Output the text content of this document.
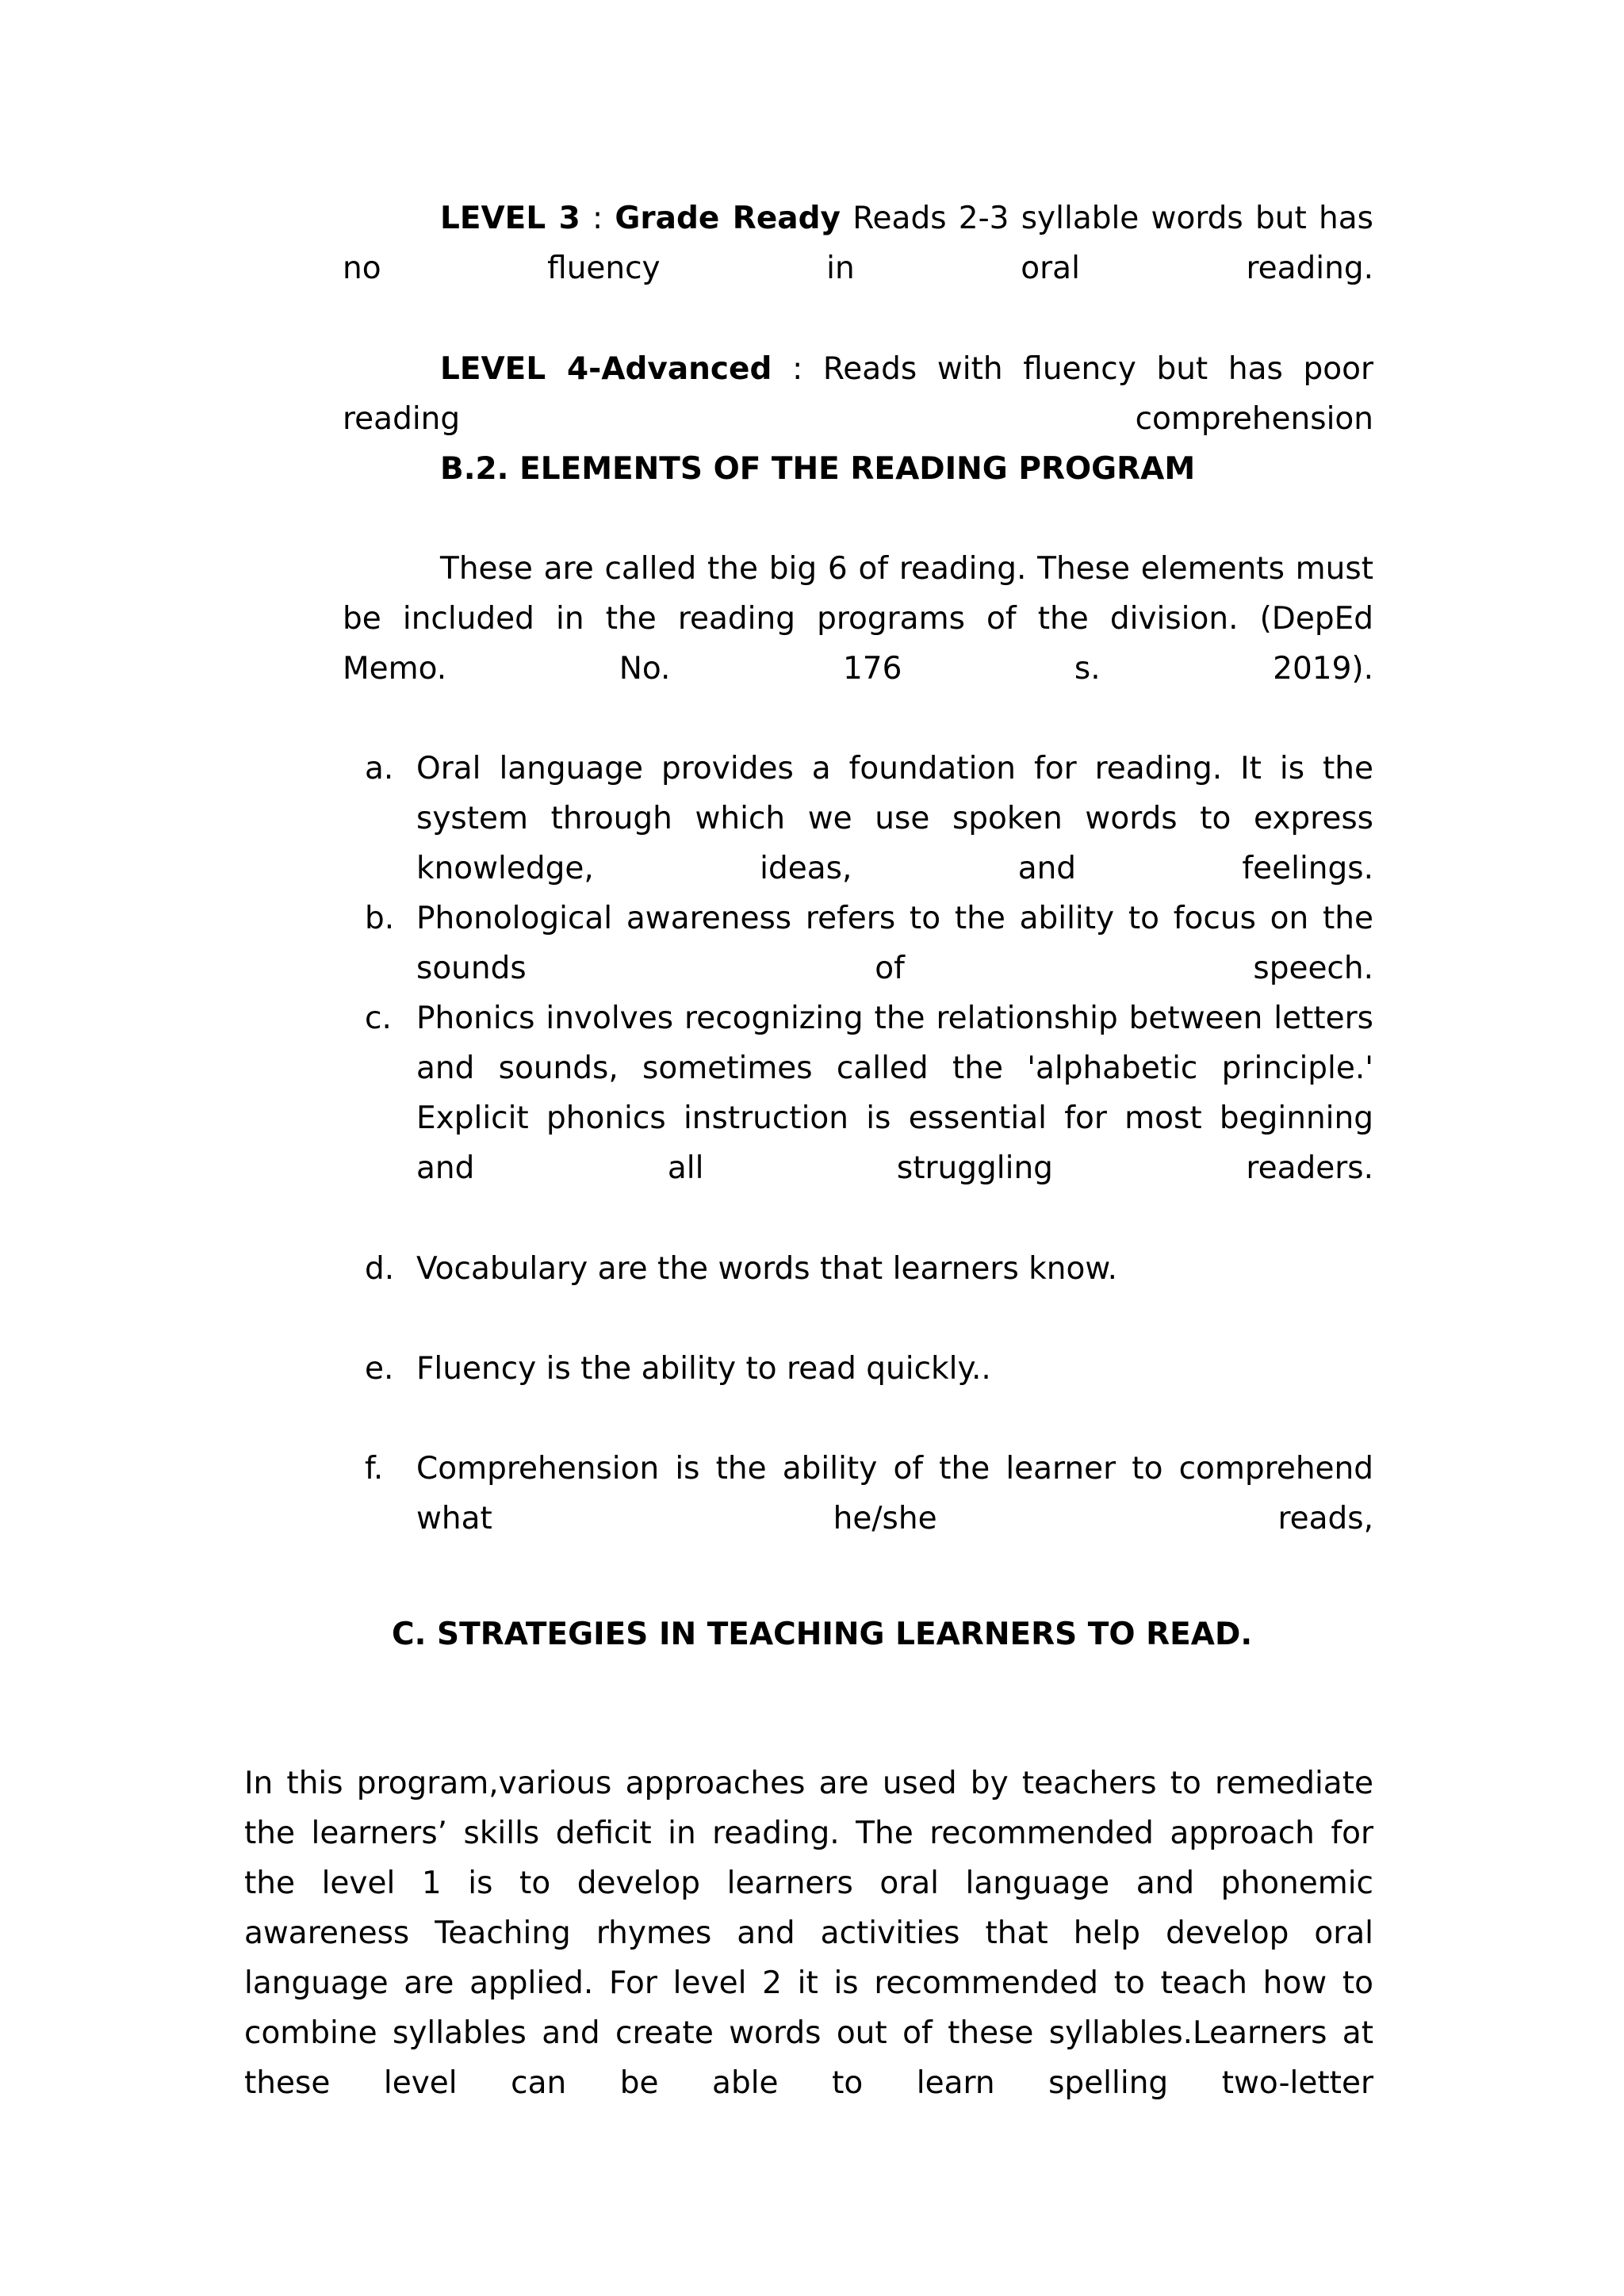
LEVEL 3 : Grade Ready Reads 2-3 syllable words but has no fluency in oral reading.

LEVEL 4-Advanced : Reads with fluency but has poor reading comprehension

B.2. ELEMENTS OF THE READING PROGRAM

These are called the big 6 of reading. These elements must be included in the reading programs of the division. (DepEd Memo. No. 176 s. 2019).

a. Oral language provides a foundation for reading. It is the system through which we use spoken words to express knowledge, ideas, and feelings.

b. Phonological awareness refers to the ability to focus on the sounds of speech.

c. Phonics involves recognizing the relationship between letters and sounds, sometimes called the 'alphabetic principle.' Explicit phonics instruction is essential for most beginning and all struggling readers.

d. Vocabulary are the words that learners know.

e. Fluency is the ability to read quickly..

f.	Comprehension is the ability of the learner to comprehend what he/she reads,

C. STRATEGIES IN TEACHING LEARNERS TO READ.

In this program,various approaches are used by teachers to remediate the learners’ skills deficit in reading. The recommended approach for the level 1 is to develop learners oral language and phonemic awareness Teaching rhymes and activities that help develop oral language are applied. For level 2 it is recommended to teach how to combine syllables and create words out of these syllables.Learners at these level can be able to learn spelling two-letter
